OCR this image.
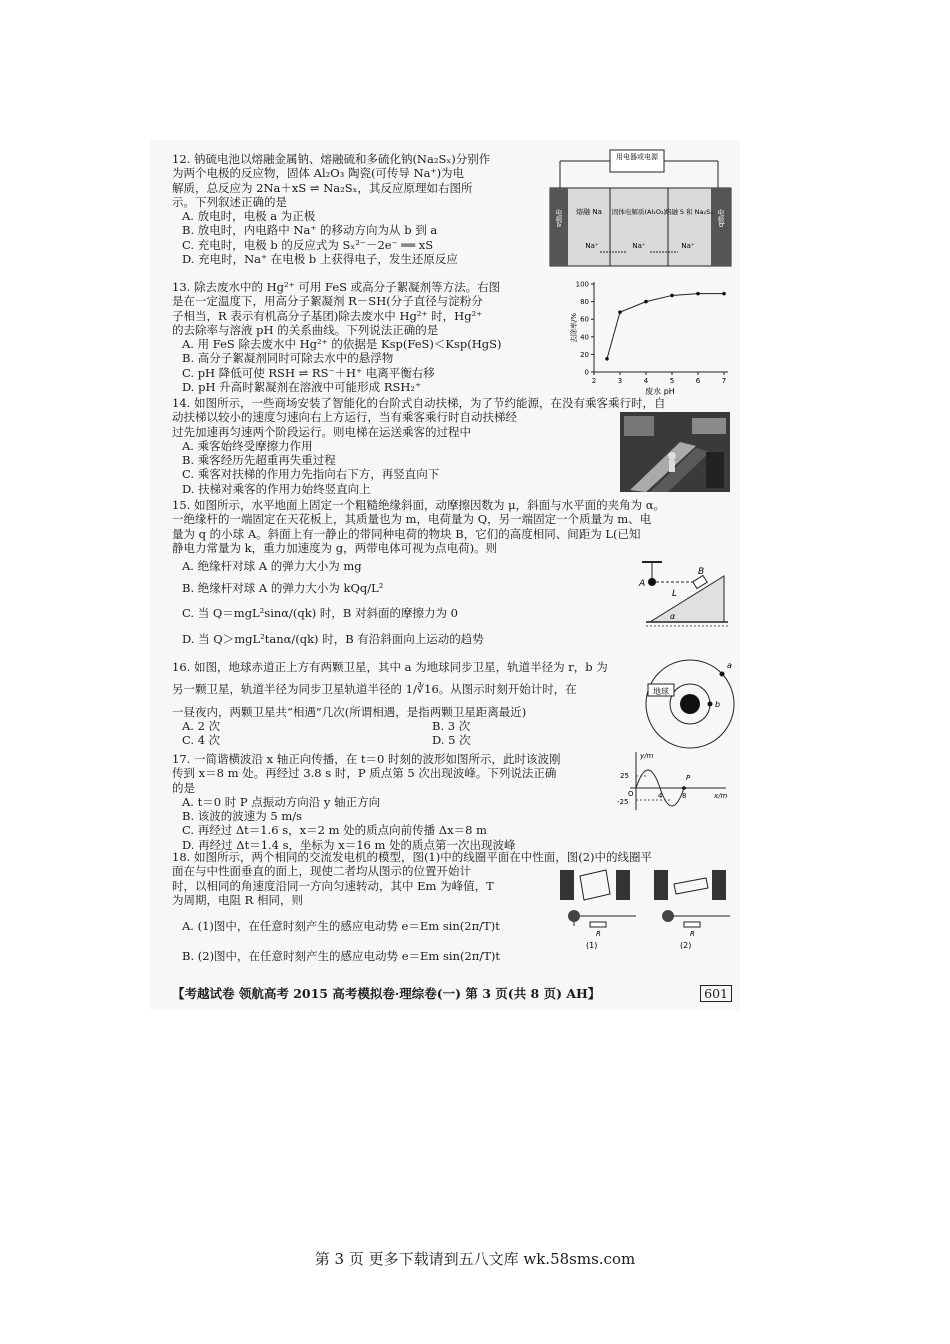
12. 钠硫电池以熔融金属钠、熔融硫和多硫化钠(Na₂Sₓ)分别作

为两个电极的反应物，固体 Al₂O₃ 陶瓷(可传导 Na⁺)为电

解质，总反应为 2Na＋xS ⇌ Na₂Sₓ，其反应原理如右图所

示。下列叙述正确的是

A. 放电时，电极 a 为正极

B. 放电时，内电路中 Na⁺ 的移动方向为从 b 到 a

C. 充电时，电极 b 的反应式为 Sₓ²⁻－2e⁻ ══ xS

D. 充电时，Na⁺ 在电极 b 上获得电子，发生还原反应

用电器或电源
电极a	电极b
熔融 Na 固体电解质(Al₂O₃)
熔融 S 和 Na₂Sₓ
Na⁺	Na⁺	Na⁺

13. 除去废水中的 Hg²⁺ 可用 FeS 或高分子絮凝剂等方法。右图

是在一定温度下，用高分子絮凝剂 R－SH(分子直径与淀粉分

子相当，R 表示有机高分子基团)除去废水中 Hg²⁺ 时，Hg²⁺

的去除率与溶液 pH 的关系曲线。下列说法正确的是

A. 用 FeS 除去废水中 Hg²⁺ 的依据是 Ksp(FeS)＜Ksp(HgS)

B. 高分子絮凝剂同时可除去水中的悬浮物

C. pH 降低可使 RSH ⇌ RS⁻＋H⁺ 电离平衡右移

D. pH 升高时絮凝剂在溶液中可能形成 RSH₂⁺

去除率/%
废水 pH
2	3	4	5	6	7
0
20
40
60
80
100

14. 如图所示，一些商场安装了智能化的台阶式自动扶梯，为了节约能源，在没有乘客乘行时，自

动扶梯以较小的速度匀速向右上方运行，当有乘客乘行时自动扶梯经

过先加速再匀速两个阶段运行。则电梯在运送乘客的过程中

A. 乘客始终受摩擦力作用

B. 乘客经历先超重再失重过程

C. 乘客对扶梯的作用力先指向右下方，再竖直向下

D. 扶梯对乘客的作用力始终竖直向上

15. 如图所示，水平地面上固定一个粗糙绝缘斜面，动摩擦因数为 μ，斜面与水平面的夹角为 α。

一绝缘杆的一端固定在天花板上，其质量也为 m，电荷量为 Q，另一端固定一个质量为 m、电

量为 q 的小球 A。斜面上有一静止的带同种电荷的物块 B，它们的高度相同、间距为 L(已知

静电力常量为 k，重力加速度为 g，两带电体可视为点电荷)。则

A. 绝缘杆对球 A 的弹力大小为 mg

B. 绝缘杆对球 A 的弹力大小为 kQq/L²

C. 当 Q＝mgL²sinα/(qk) 时，B 对斜面的摩擦力为 0

D. 当 Q＞mgL²tanα/(qk) 时，B 有沿斜面向上运动的趋势

A
L
B
α

16. 如图，地球赤道正上方有两颗卫星，其中 a 为地球同步卫星，轨道半径为 r，b 为

另一颗卫星，轨道半径为同步卫星轨道半径的 1/∛16。从图示时刻开始计时，在

一昼夜内，两颗卫星共“相遇”几次(所谓相遇，是指两颗卫星距离最近)

A. 2 次	B. 3 次
C. 4 次	D. 5 次
地球
a
b

17. 一简谐横波沿 x 轴正向传播，在 t＝0 时刻的波形如图所示，此时该波刚

传到 x＝8 m 处。再经过 3.8 s 时，P 质点第 5 次出现波峰。下列说法正确

的是

A. t＝0 时 P 点振动方向沿 y 轴正方向

B. 该波的波速为 5 m/s

C. 再经过 Δt＝1.6 s，x＝2 m 处的质点向前传播 Δx＝8 m

D. 再经过 Δt＝1.4 s，坐标为 x＝16 m 处的质点第一次出现波峰

y/m
x/m
25
-25
O	4	8
P

18. 如图所示，两个相同的交流发电机的模型，图(1)中的线圈平面在中性面，图(2)中的线圈平

面在与中性面垂直的面上，现使二者均从图示的位置开始计

时，以相同的角速度沿同一方向匀速转动，其中 Em 为峰值，T

为周期，电阻 R 相同，则

A. (1)图中，在任意时刻产生的感应电动势 e＝Em sin(2π/T)t

B. (2)图中，在任意时刻产生的感应电动势 e＝Em sin(2π/T)t

R
(1)
R
(2)
【考越试卷 领航高考 2015 高考模拟卷·理综卷(一) 第 3 页(共 8 页) AH】	601
第 3 页 更多下载请到五八文库 wk.58sms.com
